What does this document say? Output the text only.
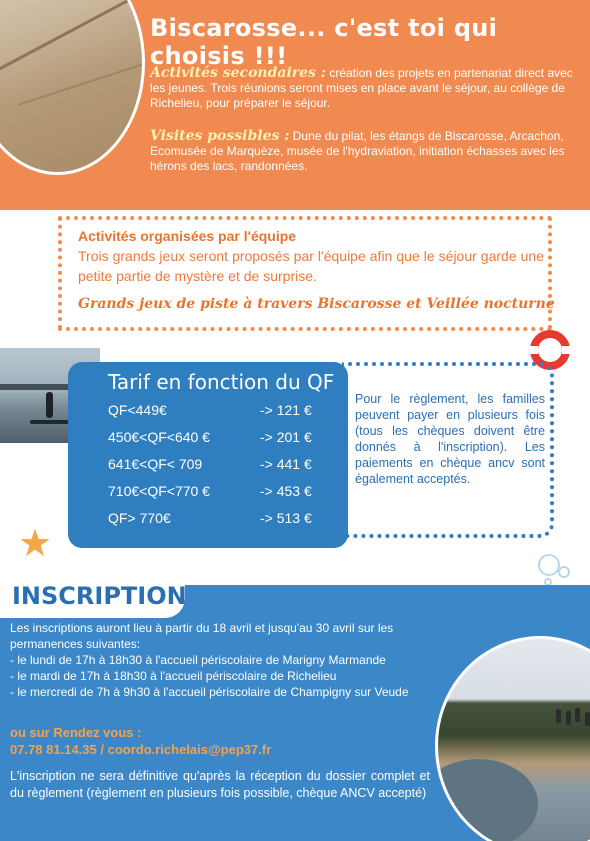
Biscarosse... c'est toi qui choisis !!!
Activités secondaires : création des projets en partenariat direct avec les jeunes. Trois réunions seront mises en place avant le séjour, au collège de Richelieu, pour préparer le séjour.
Visites possibles : Dune du pilat, les étangs de Biscarosse, Arcachon, Ecomusée de Marquèze, musée de l'hydraviation, initiation échasses avec les hérons des lacs, randonnées.
Activités organisées par l'équipe
Trois grands jeux seront proposés par l'équipe afin que le séjour garde une petite partie de mystère et de surprise.
Grands jeux de piste à travers Biscarosse et Veillée nocturne
Tarif en fonction du QF
QF<449€	-> 121 €
450€<QF<640 €	-> 201 €
641€<QF< 709	-> 441 €
710€<QF<770 €	-> 453 €
QF> 770€	-> 513 €
Pour le règlement, les familles peuvent payer en plusieurs fois (tous les chèques doivent être donnés à l'inscription). Les paiements en chèque ancv sont également acceptés.
★
INSCRIPTION
Les inscriptions auront lieu à partir du 18 avril et jusqu'au 30 avril sur les permanences suivantes:
- le lundi de 17h à 18h30 à l'accueil périscolaire de Marigny Marmande
- le mardi de 17h à 18h30 à l'accueil périscolaire de Richelieu
- le mercredi de 7h à 9h30 à l'accueil périscolaire de Champigny sur Veude
ou sur Rendez vous :
07.78 81.14.35 / coordo.richelais@pep37.fr
L'inscription ne sera définitive qu'après la réception du dossier complet et du règlement (règlement en plusieurs fois possible, chèque ANCV accepté)
